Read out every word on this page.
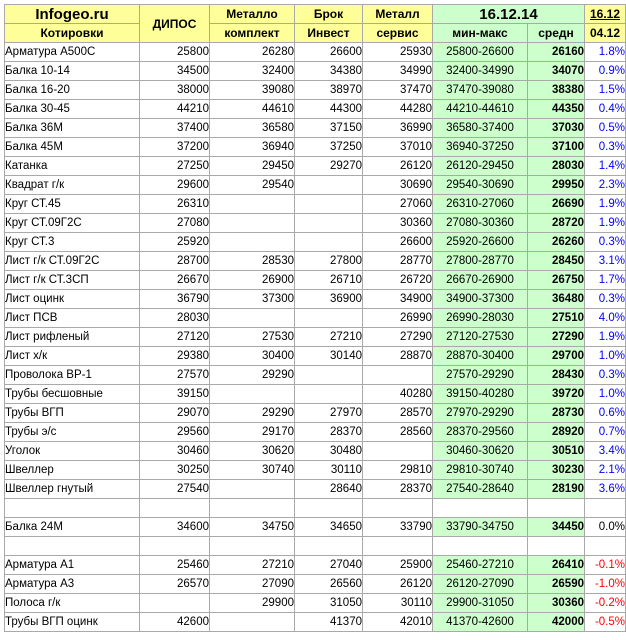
Infogeo.ru	ДИПОС	Металло	Брок	Металл	16.12.14		16.12
Котировки		комплект	Инвест	сервис	мин-макс	средн	04.12
Арматура А500С	25800	26280	26600	25930	25800-26600	26160	1.8%
Балка 10-14	34500	32400	34380	34990	32400-34990	34070	0.9%
Балка 16-20	38000	39080	38970	37470	37470-39080	38380	1.5%
Балка 30-45	44210	44610	44300	44280	44210-44610	44350	0.4%
Балка 36М	37400	36580	37150	36990	36580-37400	37030	0.5%
Балка 45М	37200	36940	37250	37010	36940-37250	37100	0.3%
Катанка	27250	29450	29270	26120	26120-29450	28030	1.4%
Квадрат г/к	29600	29540		30690	29540-30690	29950	2.3%
Круг СТ.45	26310			27060	26310-27060	26690	1.9%
Круг СТ.09Г2С	27080			30360	27080-30360	28720	1.9%
Круг СТ.3	25920			26600	25920-26600	26260	0.3%
Лист г/к СТ.09Г2С	28700	28530	27800	28770	27800-28770	28450	3.1%
Лист г/к СТ.3СП	26670	26900	26710	26720	26670-26900	26750	1.7%
Лист оцинк	36790	37300	36900	34900	34900-37300	36480	0.3%
Лист ПСВ	28030			26990	26990-28030	27510	4.0%
Лист рифленый	27120	27530	27210	27290	27120-27530	27290	1.9%
Лист х/к	29380	30400	30140	28870	28870-30400	29700	1.0%
Проволока ВР-1	27570	29290			27570-29290	28430	0.3%
Трубы бесшовные	39150			40280	39150-40280	39720	1.0%
Трубы ВГП	29070	29290	27970	28570	27970-29290	28730	0.6%
Трубы э/с	29560	29170	28370	28560	28370-29560	28920	0.7%
Уголок	30460	30620	30480		30460-30620	30510	3.4%
Швеллер	30250	30740	30110	29810	29810-30740	30230	2.1%
Швеллер гнутый	27540		28640	28370	27540-28640	28190	3.6%

Балка 24М	34600	34750	34650	33790	33790-34750	34450	0.0%

Арматура А1	25460	27210	27040	25900	25460-27210	26410	-0.1%
Арматура А3	26570	27090	26560	26120	26120-27090	26590	-1.0%
Полоса г/к		29900	31050	30110	29900-31050	30360	-0.2%
Трубы ВГП оцинк	42600		41370	42010	41370-42600	42000	-0.5%
